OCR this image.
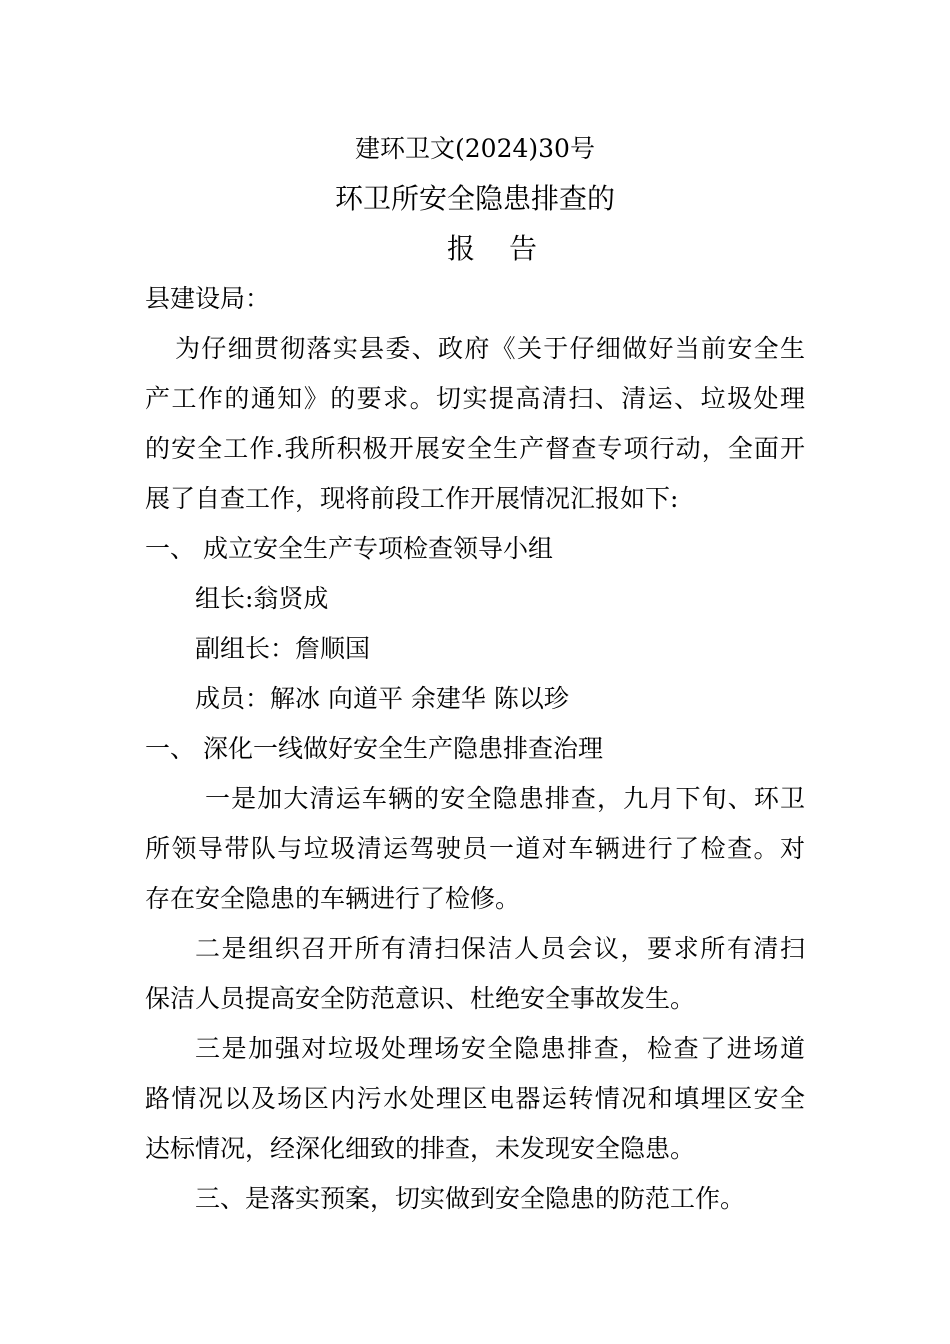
建环卫文(2024)30号
环卫所安全隐患排查的
报告
县建设局：
为仔细贯彻落实县委、政府《关于仔细做好当前安全生
产工作的通知》的要求。切实提高清扫、清运、垃圾处理
的安全工作.我所积极开展安全生产督查专项行动，全面开
展了自查工作，现将前段工作开展情况汇报如下:
一、 成立安全生产专项检查领导小组
组长:翁贤成
副组长：詹顺国
成员：解冰 向道平 余建华 陈以珍
一、 深化一线做好安全生产隐患排查治理
一是加大清运车辆的安全隐患排查，九月下旬、环卫
所领导带队与垃圾清运驾驶员一道对车辆进行了检查。对
存在安全隐患的车辆进行了检修。
二是组织召开所有清扫保洁人员会议，要求所有清扫
保洁人员提高安全防范意识、杜绝安全事故发生。
三是加强对垃圾处理场安全隐患排查，检查了进场道
路情况以及场区内污水处理区电器运转情况和填埋区安全
达标情况，经深化细致的排查，未发现安全隐患。
三、是落实预案，切实做到安全隐患的防范工作。
